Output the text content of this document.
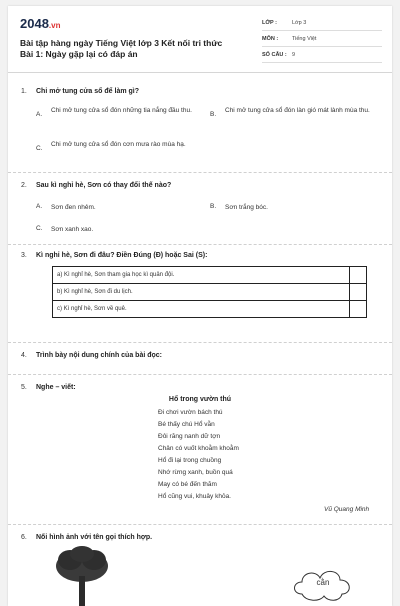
2048.vn
Bài tập hàng ngày Tiếng Việt lớp 3 Kết nối tri thức Bài 1: Ngày gặp lại có đáp án
LỚP :	Lớp 3
MÔN :	Tiếng Việt
SỐ CÂU : 9
1. Chi mở tung cửa sổ để làm gì?
A.
Chi mở tung cửa sổ đón những tia nắng đầu thu.
B.
Chi mở tung cửa sổ đón làn gió mát lành mùa thu.
C.
Chi mở tung cửa sổ đón cơn mưa rào mùa hạ.
2. Sau kì nghỉ hè, Sơn có thay đổi thế nào?
A. Sơn đen nhẻm.	B. Sơn trắng bóc.
C. Sơn xanh xao.
3. Kì nghỉ hè, Sơn đi đâu? Điền Đúng (Đ) hoặc Sai (S):
a) Kì nghỉ hè, Sơn tham gia học kì quân đội.	
b) Kì nghỉ hè, Sơn đi du lịch.	
c) Kì nghỉ hè, Sơn về quê.	
4. Trình bày nội dung chính của bài đọc:
5. Nghe – viết:
Hổ trong vườn thú
Đi chơi vườn bách thú
Bé thấy chú Hổ vằn
Đôi răng nanh dữ tợn
Chân có vuốt khoằm khoằm
Hổ đi lại trong chuồng
Nhớ rừng xanh, buồn quá
May có bé đến thăm
Hổ cũng vui, khuây khỏa.
Vũ Quang Minh
6. Nối hình ảnh với tên gọi thích hợp.
cằn
